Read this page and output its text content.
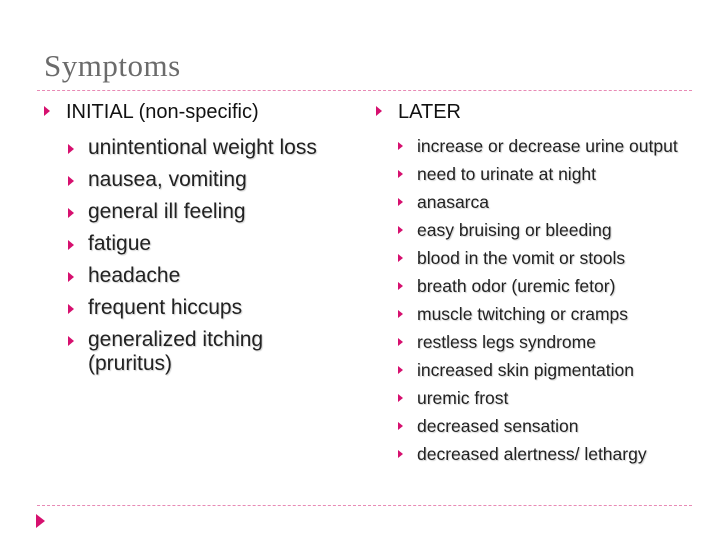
Symptoms
INITIAL (non-specific)
unintentional weight loss
nausea, vomiting
general ill feeling
fatigue
headache
frequent hiccups
generalized itching (pruritus)
LATER
increase or decrease urine output
need to urinate at night
anasarca
easy bruising or bleeding
blood in the vomit or stools
breath odor (uremic fetor)
muscle twitching or cramps
restless legs syndrome
increased skin pigmentation
uremic frost
decreased sensation
decreased alertness/ lethargy
